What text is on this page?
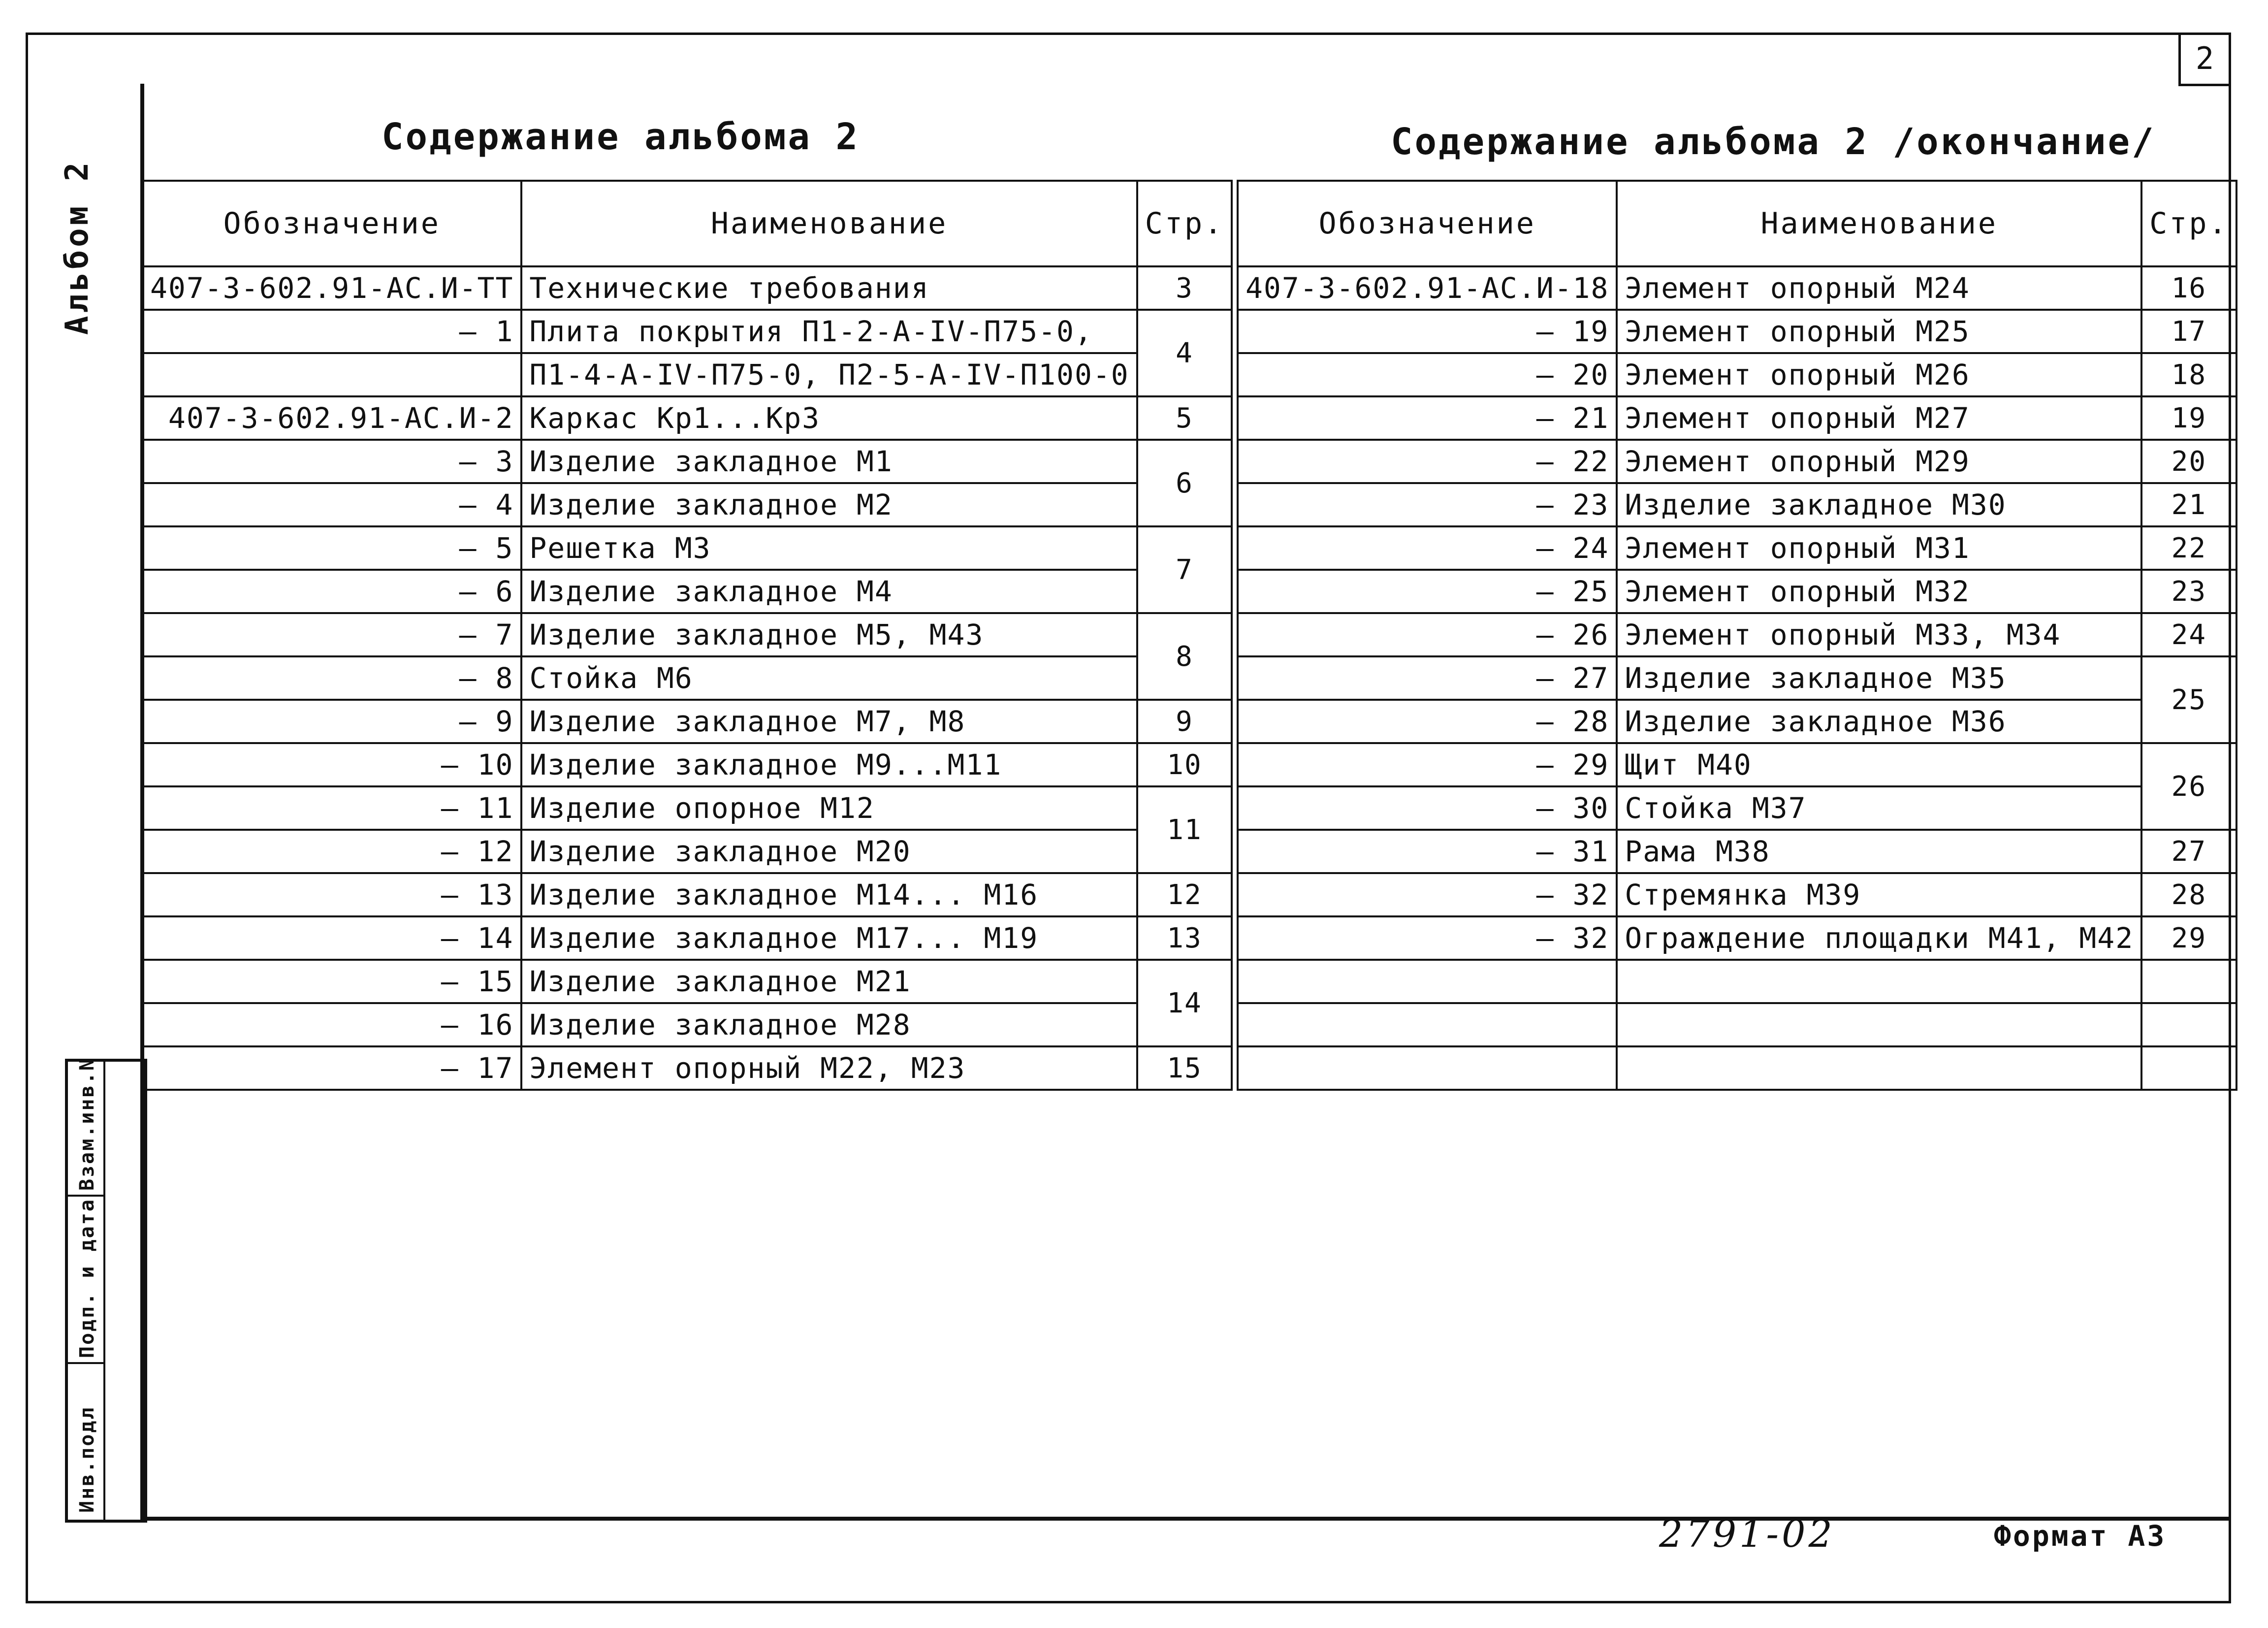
2
Альбом 2
Содержание альбома 2
Обозначение	Наименование	Стр.
407-3-602.91-АС.И-ТТ	Технические требования	3
– 1	Плита покрытия П1-2-А-IV-П75-0,	4
	П1-4-А-IV-П75-0, П2-5-А-IV-П100-0	
407-3-602.91-АС.И-2	Каркас Кр1...Кр3	5
– 3	Изделие закладное М1	6
– 4	Изделие закладное М2	
– 5	Решетка М3	7
– 6	Изделие закладное М4	
– 7	Изделие закладное М5, М43	8
– 8	Стойка М6	
– 9	Изделие закладное М7, М8	9
– 10	Изделие закладное М9...М11	10
– 11	Изделие опорное М12	11
– 12	Изделие закладное М20	
– 13	Изделие закладное М14... М16	12
– 14	Изделие закладное М17... М19	13
– 15	Изделие закладное М21	14
– 16	Изделие закладное М28	
– 17	Элемент опорный М22, М23	15
Содержание альбома 2 /окончание/
Обозначение	Наименование	Стр.
407-3-602.91-АС.И-18	Элемент опорный М24	16
– 19	Элемент опорный М25	17
– 20	Элемент опорный М26	18
– 21	Элемент опорный М27	19
– 22	Элемент опорный М29	20
– 23	Изделие закладное М30	21
– 24	Элемент опорный М31	22
– 25	Элемент опорный М32	23
– 26	Элемент опорный М33, М34	24
– 27	Изделие закладное М35	25
– 28	Изделие закладное М36	
– 29	Щит М40	26
– 30	Стойка М37	
– 31	Рама М38	27
– 32	Стремянка М39	28
– 32	Ограждение площадки М41, М42	29

Взам.инв.N
Подп. и дата
Инв.подл
2791-02	Формат А3
